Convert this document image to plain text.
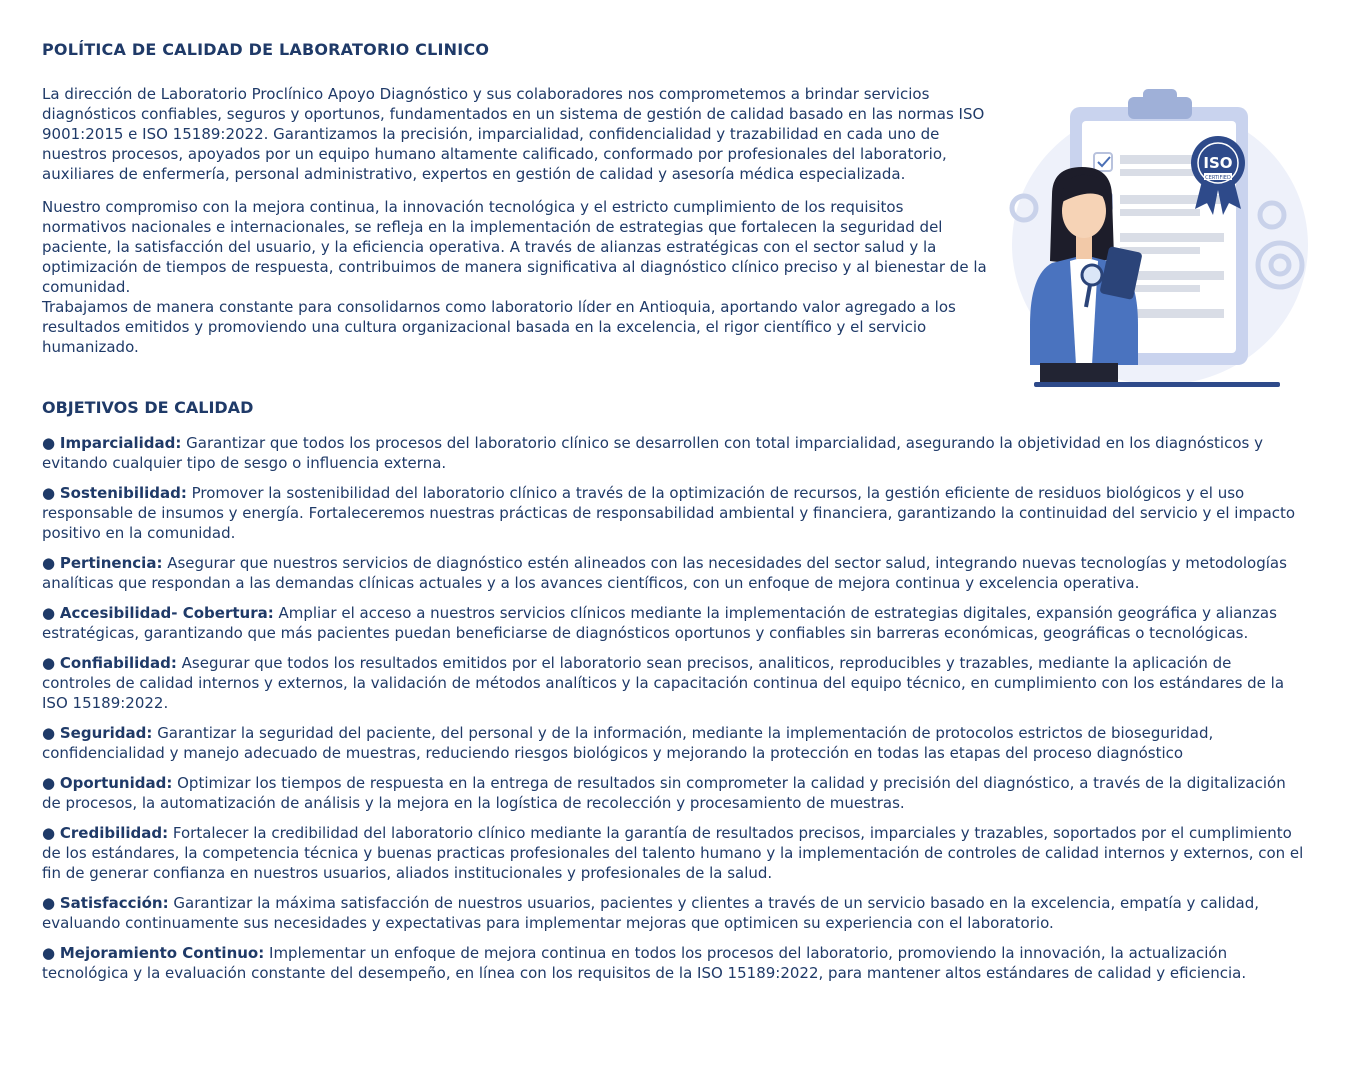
POLÍTICA DE CALIDAD DE LABORATORIO CLINICO

La dirección de Laboratorio Proclínico Apoyo Diagnóstico y sus colaboradores nos comprometemos a brindar servicios diagnósticos confiables, seguros y oportunos, fundamentados en un sistema de gestión de calidad basado en las normas ISO 9001:2015 e ISO 15189:2022. Garantizamos la precisión, imparcialidad, confidencialidad y trazabilidad en cada uno de nuestros procesos, apoyados por un equipo humano altamente calificado, conformado por profesionales del laboratorio, auxiliares de enfermería, personal administrativo, expertos en gestión de calidad y asesoría médica especializada.

Nuestro compromiso con la mejora continua, la innovación tecnológica y el estricto cumplimiento de los requisitos normativos nacionales e internacionales, se refleja en la implementación de estrategias que fortalecen la seguridad del paciente, la satisfacción del usuario, y la eficiencia operativa. A través de alianzas estratégicas con el sector salud y la optimización de tiempos de respuesta, contribuimos de manera significativa al diagnóstico clínico preciso y al bienestar de la comunidad.

Trabajamos de manera constante para consolidarnos como laboratorio líder en Antioquia, aportando valor agregado a los resultados emitidos y promoviendo una cultura organizacional basada en la excelencia, el rigor científico y el servicio humanizado.

ISO
CERTIFIED
OBJETIVOS DE CALIDAD
● Imparcialidad: Garantizar que todos los procesos del laboratorio clínico se desarrollen con total imparcialidad, asegurando la objetividad en los diagnósticos y evitando cualquier tipo de sesgo o influencia externa.
● Sostenibilidad: Promover la sostenibilidad del laboratorio clínico a través de la optimización de recursos, la gestión eficiente de residuos biológicos y el uso responsable de insumos y energía. Fortaleceremos nuestras prácticas de responsabilidad ambiental y financiera, garantizando la continuidad del servicio y el impacto positivo en la comunidad.
● Pertinencia: Asegurar que nuestros servicios de diagnóstico estén alineados con las necesidades del sector salud, integrando nuevas tecnologías y metodologías analíticas que respondan a las demandas clínicas actuales y a los avances científicos, con un enfoque de mejora continua y excelencia operativa.
● Accesibilidad- Cobertura: Ampliar el acceso a nuestros servicios clínicos mediante la implementación de estrategias digitales, expansión geográfica y alianzas estratégicas, garantizando que más pacientes puedan beneficiarse de diagnósticos oportunos y confiables sin barreras económicas, geográficas o tecnológicas.
● Confiabilidad: Asegurar que todos los resultados emitidos por el laboratorio sean precisos, analiticos, reproducibles y trazables, mediante la aplicación de controles de calidad internos y externos, la validación de métodos analíticos y la capacitación continua del equipo técnico, en cumplimiento con los estándares de la ISO 15189:2022.
● Seguridad: Garantizar la seguridad del paciente, del personal y de la información, mediante la implementación de protocolos estrictos de bioseguridad, confidencialidad y manejo adecuado de muestras, reduciendo riesgos biológicos y mejorando la protección en todas las etapas del proceso diagnóstico
● Oportunidad: Optimizar los tiempos de respuesta en la entrega de resultados sin comprometer la calidad y precisión del diagnóstico, a través de la digitalización de procesos, la automatización de análisis y la mejora en la logística de recolección y procesamiento de muestras.
● Credibilidad: Fortalecer la credibilidad del laboratorio clínico mediante la garantía de resultados precisos, imparciales y trazables, soportados por el cumplimiento de los estándares, la competencia técnica y buenas practicas profesionales del talento humano y la implementación de controles de calidad internos y externos, con el fin de generar confianza en nuestros usuarios, aliados institucionales y profesionales de la salud.
● Satisfacción: Garantizar la máxima satisfacción de nuestros usuarios, pacientes y clientes a través de un servicio basado en la excelencia, empatía y calidad, evaluando continuamente sus necesidades y expectativas para implementar mejoras que optimicen su experiencia con el laboratorio.
● Mejoramiento Continuo: Implementar un enfoque de mejora continua en todos los procesos del laboratorio, promoviendo la innovación, la actualización tecnológica y la evaluación constante del desempeño, en línea con los requisitos de la ISO 15189:2022, para mantener altos estándares de calidad y eficiencia.
